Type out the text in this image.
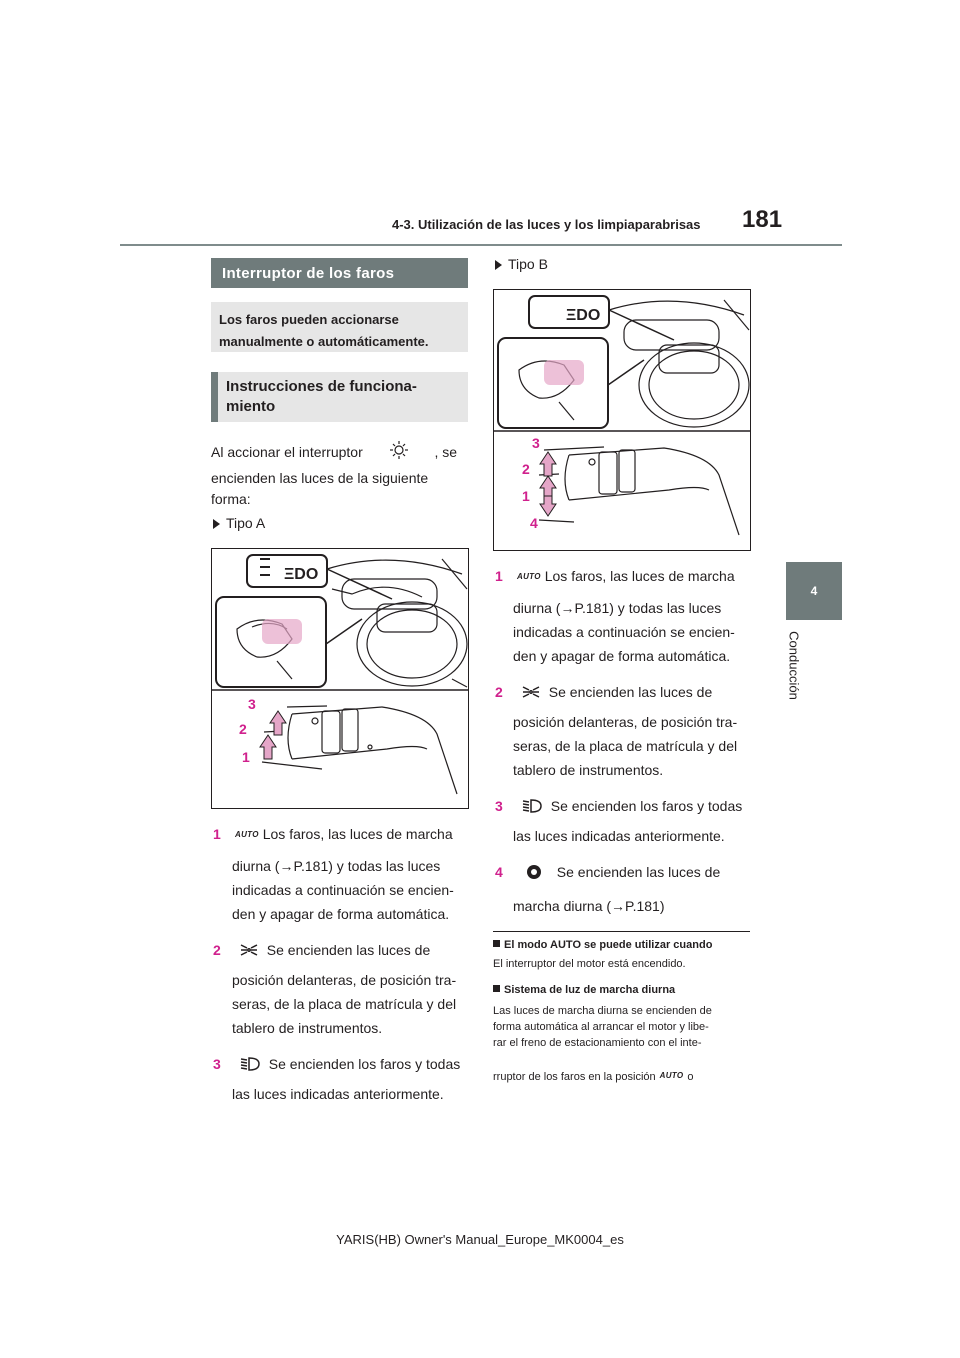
4-3. Utilización de las luces y los limpiaparabrisas 181
4
Conducción
Interruptor de los faros
Los faros pueden accionarse manualmente o automáticamente.
Instrucciones de funciona-miento
Al accionar el interruptor	, se
encienden las luces de la siguiente
forma:
Tipo A
ΞDO
3
2
1
1 AUTO Los faros, las luces de marcha
diurna (→P.181) y todas las luces
indicadas a continuación se encien-
den y apagar de forma automática.
2	Se encienden las luces de
posición delanteras, de posición tra-
seras, de la placa de matrícula y del
tablero de instrumentos.
3	Se encienden los faros y todas
las luces indicadas anteriormente.
Tipo B
ΞDO
3
2
1
4
1 AUTO Los faros, las luces de marcha
diurna (→P.181) y todas las luces
indicadas a continuación se encien-
den y apagar de forma automática.
2	Se encienden las luces de
posición delanteras, de posición tra-
seras, de la placa de matrícula y del
tablero de instrumentos.
3	Se encienden los faros y todas
las luces indicadas anteriormente.
4	Se encienden las luces de
marcha diurna (→P.181)
El modo AUTO se puede utilizar cuando
El interruptor del motor está encendido.
Sistema de luz de marcha diurna
Las luces de marcha diurna se encienden de
forma automática al arrancar el motor y libe-
rar el freno de estacionamiento con el inte-
rruptor de los faros en la posición AUTO o
YARIS(HB) Owner's Manual_Europe_MK0004_es
